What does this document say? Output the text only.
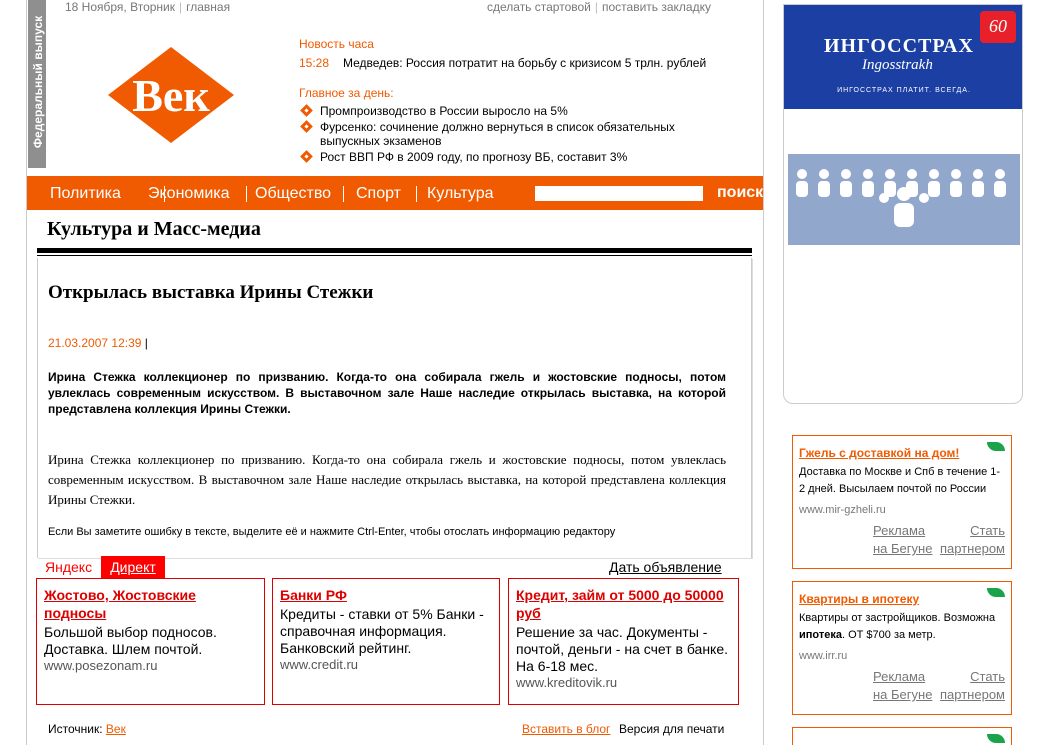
Федеральный выпуск
18 Ноября, Вторник | главная	сделать стартовой | поставить закладку
Век
Новость часа
15:28 Медведев: Россия потратит на борьбу с кризисом 5 трлн. рублей
Главное за день:
Промпроизводство в России выросло на 5%
Фурсенко: сочинение должно вернуться в список обязательных выпускных экзаменов
Рост ВВП РФ в 2009 году, по прогнозу ВБ, составит 3%
Политика Экономика Общество Спорт Культура	поиск
Культура и Масс-медиа
Открылась выставка Ирины Стежки
21.03.2007 12:39 |
Ирина Стежка коллекционер по призванию. Когда-то она собирала гжель и жостовские подносы, потом увлеклась современным искусством. В выставочном зале Наше наследие открылась выставка, на которой представлена коллекция Ирины Стежки.
Ирина Стежка коллекционер по призванию. Когда-то она собирала гжель и жостовские подносы, потом увлеклась современным искусством. В выставочном зале Наше наследие открылась выставка, на которой представлена коллекция Ирины Стежки.
Если Вы заметите ошибку в тексте, выделите её и нажмите Ctrl-Enter, чтобы отослать информацию редактору
Яндекс	Директ	Дать объявление
Жостово, Жостовские подносы
Большой выбор подносов. Доставка. Шлем почтой.
www.posezonam.ru
Банки РФ
Кредиты - ставки от 5% Банки - справочная информация. Банковский рейтинг.
www.credit.ru
Кредит, займ от 5000 до 50000 руб
Решение за час. Документы - почтой, деньги - на счет в банке. На 6-18 мес.
www.kreditovik.ru
Источник: Век	Вставить в блог Версия для печати
ИНГОССТРАХ
Ingosstrakh
ИНГОССТРАХ ПЛАТИТ. ВСЕГДА.
60
Гжель с доставкой на дом!
Доставка по Москве и Спб в течение 1-2 дней. Высылаем почтой по России
www.mir-gzheli.ru
Реклама на Бегуне
Стать партнером
Квартиры в ипотеку
Квартиры от застройщиков. Возможна ипотека. ОТ $700 за метр.
www.irr.ru
Реклама на Бегуне
Стать партнером
